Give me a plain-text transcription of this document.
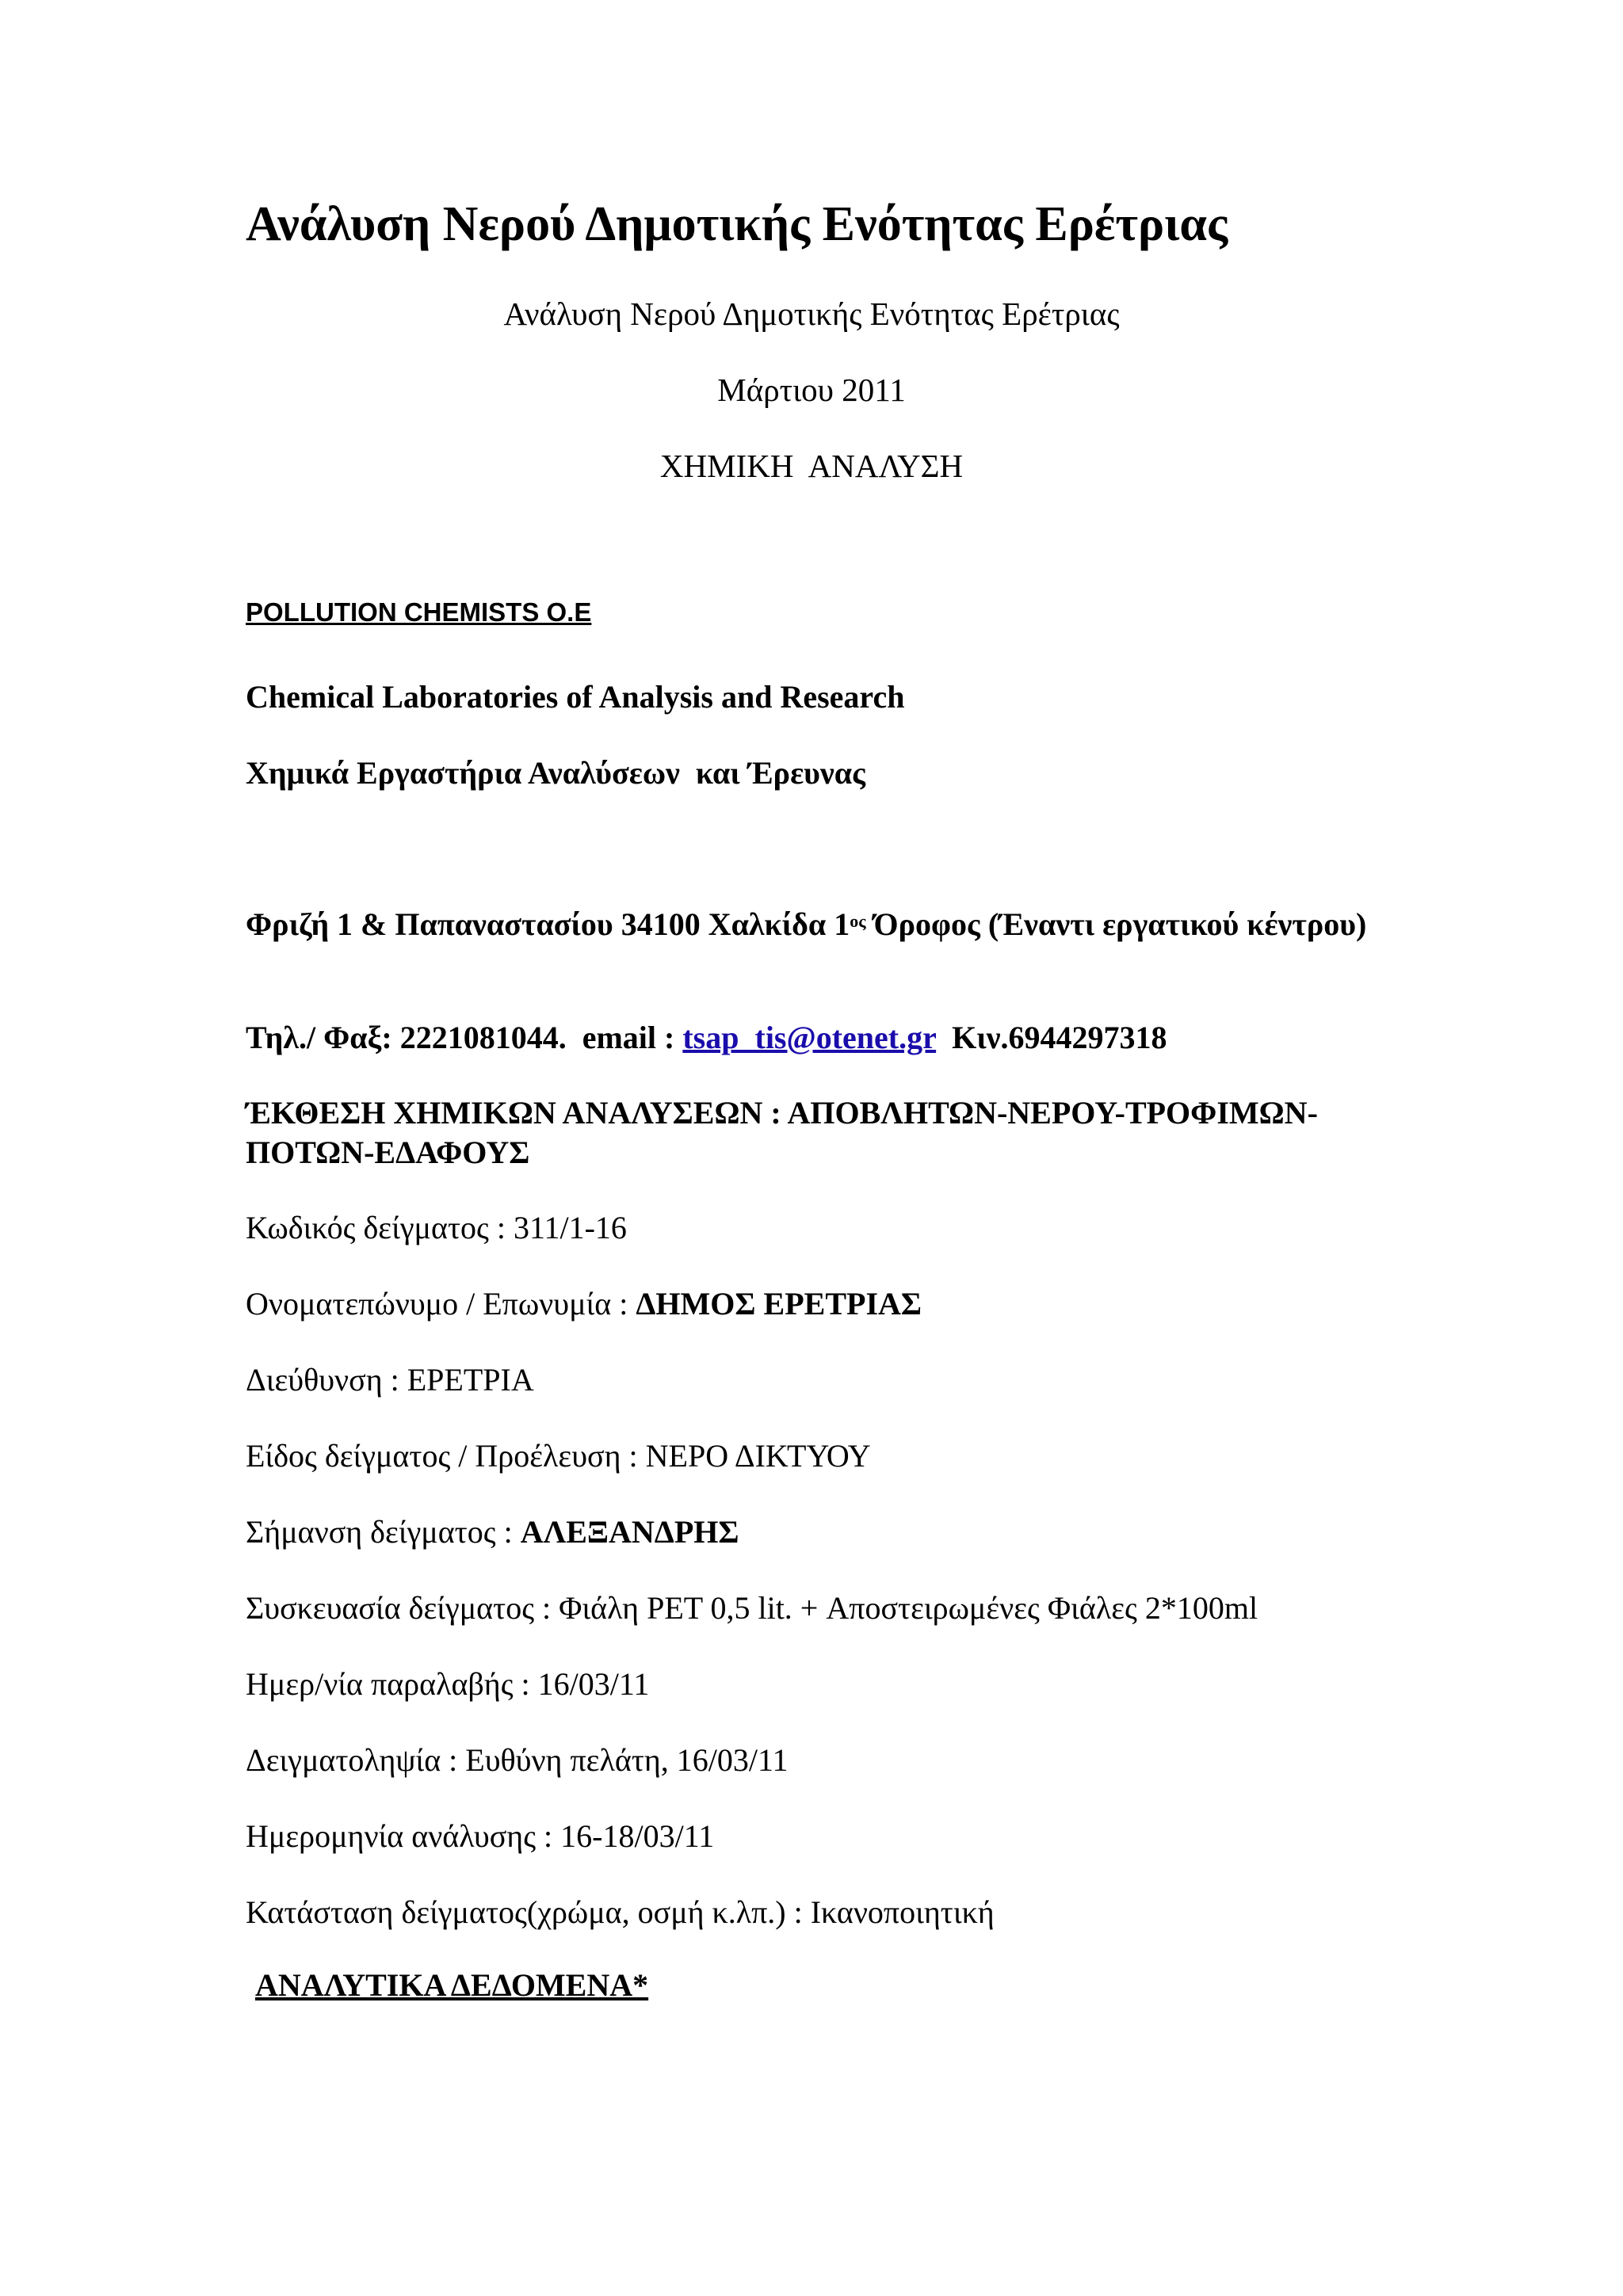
Ανάλυση Νερού Δημοτικής Ενότητας Ερέτριας
Ανάλυση Νερού Δημοτικής Ενότητας Ερέτριας
Μάρτιου 2011
ΧΗΜΙΚΗ  ΑΝΑΛΥΣΗ
POLLUTION CHEMISTS O.E
Chemical Laboratories of Analysis and Research
Χημικά Εργαστήρια Αναλύσεων  και Έρευνας
Φριζή 1 & Παπαναστασίου 34100 Χαλκίδα $1^{o\varsigma}$ Όροφος (Έναντι εργατικού κέντρου)
Τηλ./ Φαξ: 2221081044.  email : tsap_tis@otenet.gr  Κιν.6944297318
ΈΚΘΕΣΗ ΧΗΜΙΚΩΝ ΑΝΑΛΥΣΕΩΝ : ΑΠΟΒΛΗΤΩΝ-ΝΕΡΟΥ-ΤΡΟΦΙΜΩΝ-ΠΟΤΩΝ-ΕΔΑΦΟΥΣ
Κωδικός δείγματος : 311/1-16
Ονοματεπώνυμο / Επωνυμία : ΔΗΜΟΣ ΕΡΕΤΡΙΑΣ
Διεύθυνση : ΕΡΕΤΡΙΑ
Είδος δείγματος / Προέλευση : ΝΕΡΟ ΔΙΚΤΥΟΥ
Σήμανση δείγματος : ΑΛΕΞΑΝΔΡΗΣ
Συσκευασία δείγματος : Φιάλη PET 0,5 lit. + Αποστειρωμένες Φιάλες 2*100ml
Ημερ/νία παραλαβής : 16/03/11
Δειγματοληψία : Ευθύνη πελάτη, 16/03/11
Ημερομηνία ανάλυσης : 16-18/03/11
Κατάσταση δείγματος(χρώμα, οσμή κ.λπ.) : Ικανοποιητική
ΑΝΑΛΥΤΙΚΑ ΔΕΔΟΜΕΝΑ*
